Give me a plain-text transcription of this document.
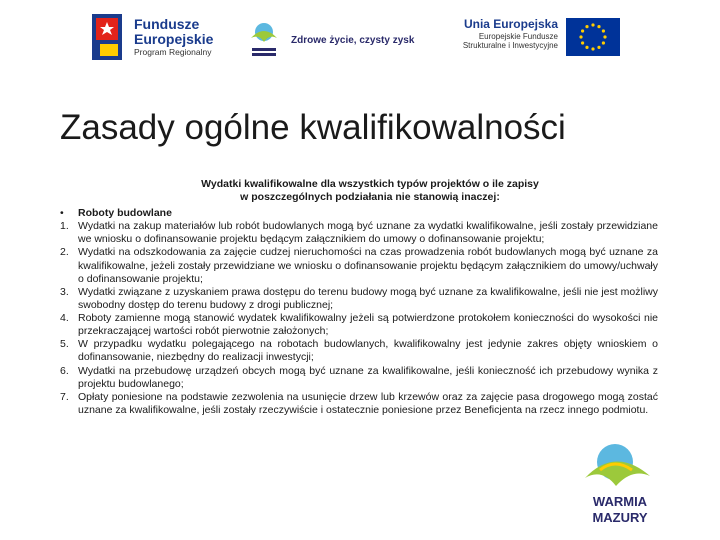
Fundusze
Europejskie
Program Regionalny
Zdrowe życie, czysty zysk
Unia Europejska
Europejskie Fundusze
Strukturalne i Inwestycyjne
Zasady ogólne kwalifikowalności
Wydatki kwalifikowalne dla wszystkich typów projektów o ile zapisy
w poszczególnych podziałania nie stanowią inaczej:
•	Roboty budowlane
1. Wydatki na zakup materiałów lub robót budowlanych mogą być uznane za wydatki kwalifikowalne, jeśli zostały przewidziane we wniosku o dofinansowanie projektu będącym załącznikiem do umowy o dofinansowanie projektu;
2. Wydatki na odszkodowania za zajęcie cudzej nieruchomości na czas prowadzenia robót budowlanych mogą być uznane za kwalifikowalne, jeżeli zostały przewidziane we wniosku o dofinansowanie projektu będącym załącznikiem do umowy/uchwały o dofinansowanie projektu;
3. Wydatki związane z uzyskaniem prawa dostępu do terenu budowy mogą być uznane za kwalifikowalne, jeśli nie jest możliwy swobodny dostęp do terenu budowy z drogi publicznej;
4. Roboty zamienne mogą stanowić wydatek kwalifikowalny jeżeli są potwierdzone protokołem konieczności do wysokości nie przekraczającej wartości robót pierwotnie założonych;
5. W przypadku wydatku polegającego na robotach budowlanych, kwalifikowalny jest jedynie zakres objęty wnioskiem o dofinansowanie, niezbędny do realizacji inwestycji;
6. Wydatki na przebudowę urządzeń obcych mogą być uznane za kwalifikowalne, jeśli konieczność ich przebudowy wynika z projektu budowlanego;
7. Opłaty poniesione na podstawie zezwolenia na usunięcie drzew lub krzewów oraz za zajęcie pasa drogowego mogą zostać uznane za kwalifikowalne, jeśli zostały rzeczywiście i ostatecznie poniesione przez Beneficjenta na rzecz innego podmiotu.
WARMIA
MAZURY
